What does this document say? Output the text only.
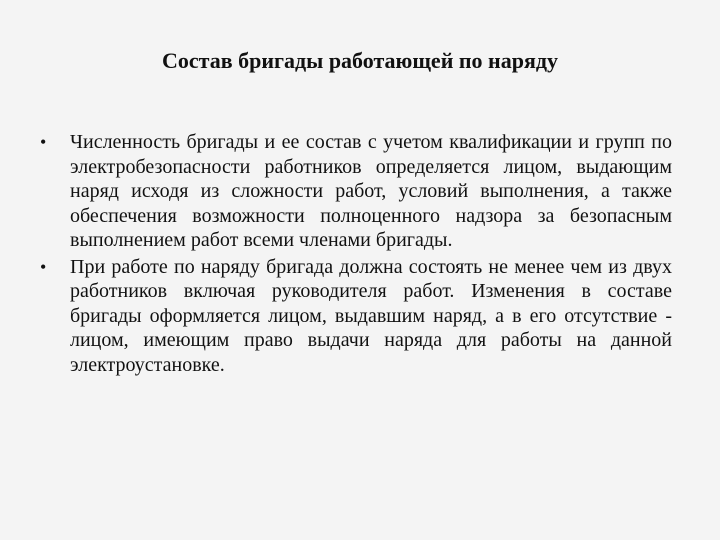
Состав бригады работающей по наряду
•	Численность бригады и ее состав с учетом квалификации и групп по электробезопасности работников определяется лицом, выдающим наряд исходя из сложности работ, условий выполнения, а также обеспечения возможности полноценного надзора за безопасным выполнением работ всеми членами бригады.
•	При работе по наряду бригада должна состоять не менее чем из двух работников включая руководителя работ. Изменения в составе бригады оформляется лицом, выдавшим наряд, а в его отсутствие - лицом, имеющим право выдачи наряда для работы на данной электроустановке.
